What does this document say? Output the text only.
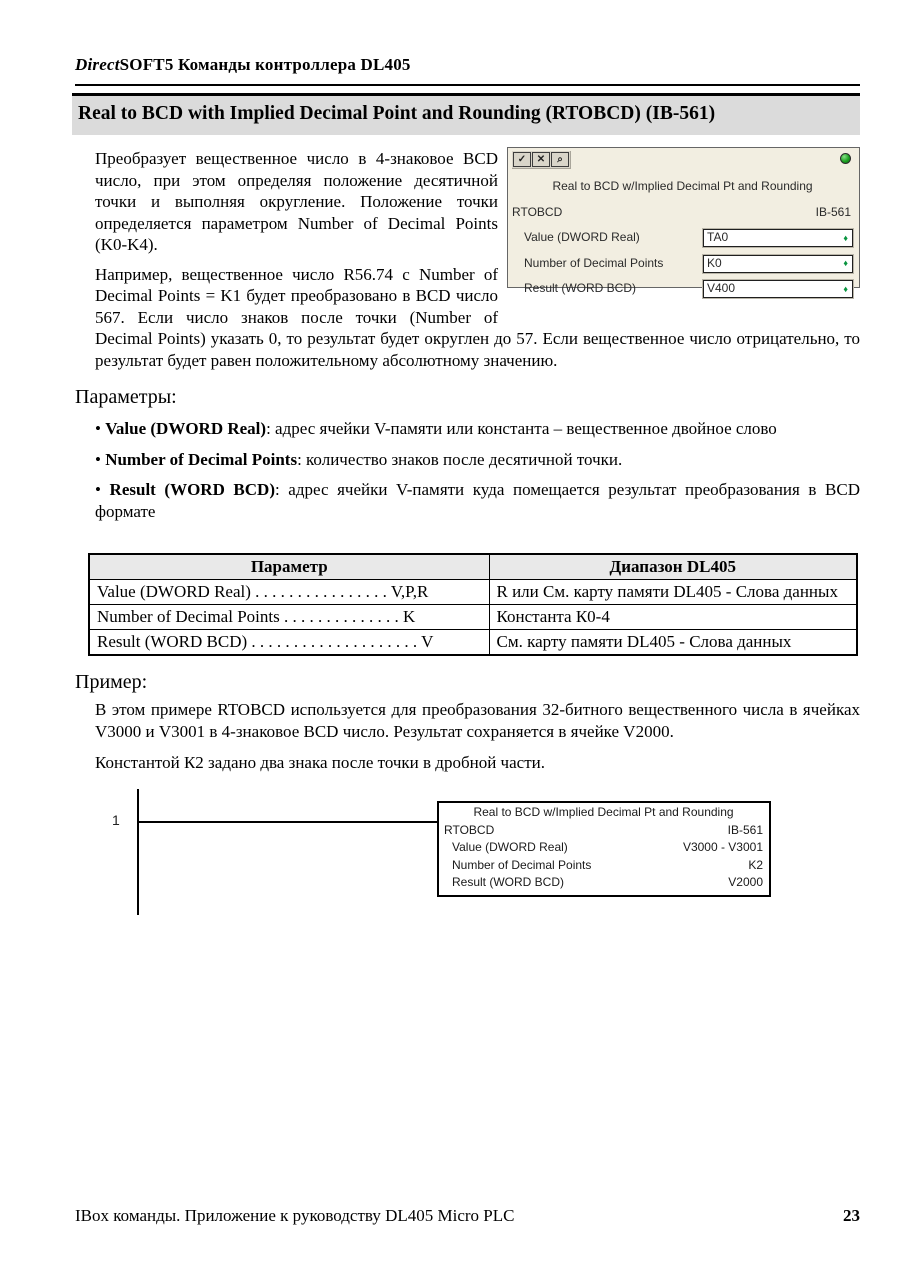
DirectSOFT5 Команды контроллера DL405
Real to BCD with Implied Decimal Point and Rounding (RTOBCD) (IB-561)
✓ ✕ ⌕
Real to BCD w/Implied Decimal Pt and Rounding
RTOBCD	IB-561
Value (DWORD Real)	TA0	♦
Number of Decimal Points	K0	♦
Result (WORD BCD)	V400	♦

Преобразует вещественное число в 4-знаковое BCD число, при этом определяя положение десятичной точки и выполняя округление. Положение точки определяется параметром Number of Decimal Points (K0-K4).

Например, вещественное число R56.74 с Number of Decimal Points = K1 будет преобразовано в BCD число 567. Если число знаков после точки (Number of Decimal Points) указать 0, то результат будет округлен до 57. Если вещественное число отрицательно, то результат будет равен положительному абсолютному значению.

Параметры:
• Value (DWORD Real): адрес ячейки V-памяти или константа – вещественное двойное слово
• Number of Decimal Points: количество знаков после десятичной точки.
• Result (WORD BCD): адрес ячейки V-памяти куда помещается результат преобразования в BCD формате
Параметр	Диапазон DL405
Value (DWORD Real) . . . . . . . . . . . . . . . . V,P,R	R или См. карту памяти DL405 - Слова данных
Number of Decimal Points . . . . . . . . . . . . . . K	Константа К0-4
Result (WORD BCD) . . . . . . . . . . . . . . . . . . . . V	См. карту памяти DL405 - Слова данных
Пример:

В этом примере RTOBCD используется для преобразования 32-битного вещественного числа в ячейках V3000 и V3001 в 4-знаковое BCD число. Результат сохраняется в ячейке V2000.

Константой К2 задано два знака после точки в дробной части.

1	Real to BCD w/Implied Decimal Pt and Rounding
RTOBCD	IB-561
Value (DWORD Real)	V3000 - V3001
Number of Decimal Points	K2
Result (WORD BCD)	V2000
IBox команды. Приложение к руководству DL405 Micro PLC	23
